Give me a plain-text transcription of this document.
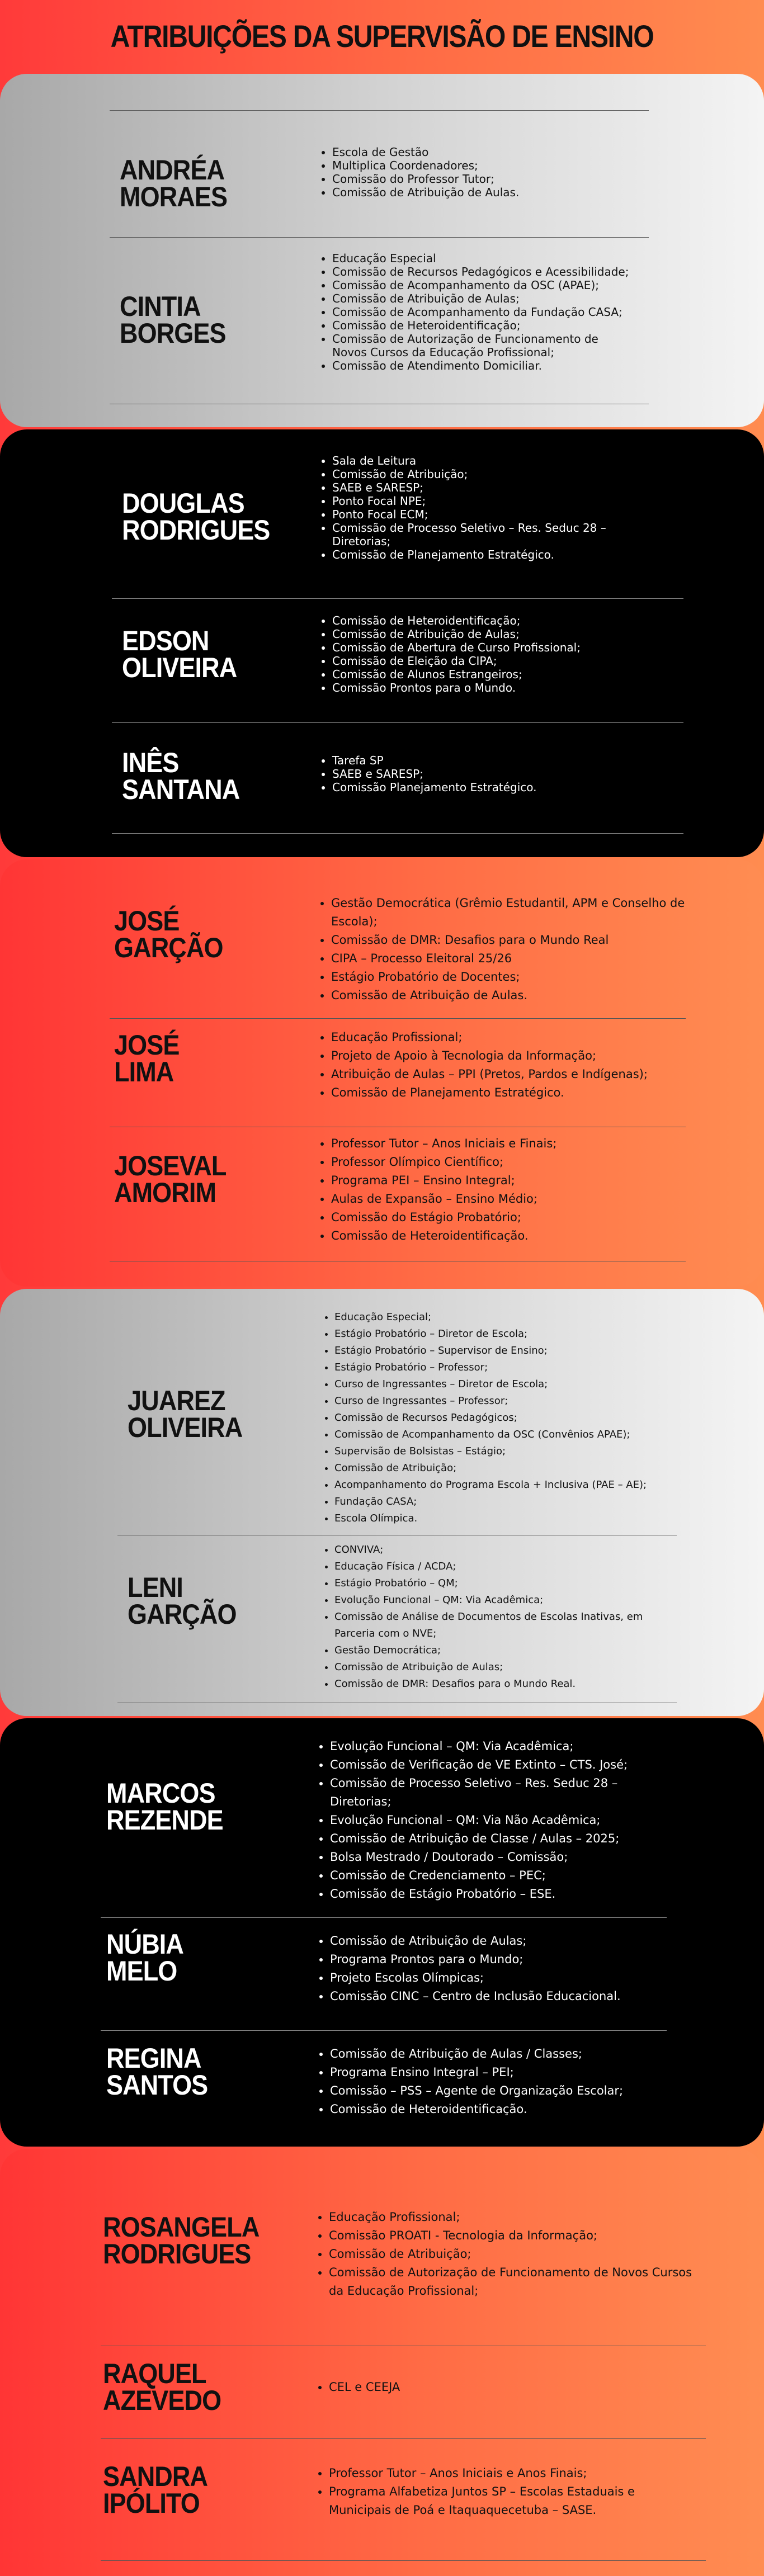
ATRIBUIÇÕES DA SUPERVISÃO DE ENSINO
ANDRÉA
MORAES
• Escola de Gestão
• Multiplica Coordenadores;
• Comissão do Professor Tutor;
• Comissão de Atribuição de Aulas.
CINTIA
BORGES
• Educação Especial
• Comissão de Recursos Pedagógicos e Acessibilidade;
• Comissão de Acompanhamento da OSC (APAE);
• Comissão de Atribuição de Aulas;
• Comissão de Acompanhamento da Fundação CASA;
• Comissão de Heteroidentificação;
• Comissão de Autorização de Funcionamento de Novos Cursos da Educação Profissional;
• Comissão de Atendimento Domiciliar.
DOUGLAS
RODRIGUES
• Sala de Leitura
• Comissão de Atribuição;
• SAEB e SARESP;
• Ponto Focal NPE;
• Ponto Focal ECM;
• Comissão de Processo Seletivo – Res. Seduc 28 – Diretorias;
• Comissão de Planejamento Estratégico.
EDSON
OLIVEIRA
• Comissão de Heteroidentificação;
• Comissão de Atribuição de Aulas;
• Comissão de Abertura de Curso Profissional;
• Comissão de Eleição da CIPA;
• Comissão de Alunos Estrangeiros;
• Comissão Prontos para o Mundo.
INÊS
SANTANA
• Tarefa SP
• SAEB e SARESP;
• Comissão Planejamento Estratégico.
JOSÉ
GARÇÃO
• Gestão Democrática (Grêmio Estudantil, APM e Conselho de Escola);
• Comissão de DMR: Desafios para o Mundo Real
• CIPA – Processo Eleitoral 25/26
• Estágio Probatório de Docentes;
• Comissão de Atribuição de Aulas.
JOSÉ
LIMA
• Educação Profissional;
• Projeto de Apoio à Tecnologia da Informação;
• Atribuição de Aulas – PPI (Pretos, Pardos e Indígenas);
• Comissão de Planejamento Estratégico.
JOSEVAL
AMORIM
• Professor Tutor – Anos Iniciais e Finais;
• Professor Olímpico Científico;
• Programa PEI – Ensino Integral;
• Aulas de Expansão – Ensino Médio;
• Comissão do Estágio Probatório;
• Comissão de Heteroidentificação.
JUAREZ
OLIVEIRA
• Educação Especial;
• Estágio Probatório – Diretor de Escola;
• Estágio Probatório – Supervisor de Ensino;
• Estágio Probatório – Professor;
• Curso de Ingressantes – Diretor de Escola;
• Curso de Ingressantes – Professor;
• Comissão de Recursos Pedagógicos;
• Comissão de Acompanhamento da OSC (Convênios APAE);
• Supervisão de Bolsistas – Estágio;
• Comissão de Atribuição;
• Acompanhamento do Programa Escola + Inclusiva (PAE – AE);
• Fundação CASA;
• Escola Olímpica.
LENI
GARÇÃO
• CONVIVA;
• Educação Física / ACDA;
• Estágio Probatório – QM;
• Evolução Funcional – QM: Via Acadêmica;
• Comissão de Análise de Documentos de Escolas Inativas, em Parceria com o NVE;
• Gestão Democrática;
• Comissão de Atribuição de Aulas;
• Comissão de DMR: Desafios para o Mundo Real.
MARCOS
REZENDE
• Evolução Funcional – QM: Via Acadêmica;
• Comissão de Verificação de VE Extinto – CTS. José;
• Comissão de Processo Seletivo – Res. Seduc 28 – Diretorias;
• Evolução Funcional – QM: Via Não Acadêmica;
• Comissão de Atribuição de Classe / Aulas – 2025;
• Bolsa Mestrado / Doutorado – Comissão;
• Comissão de Credenciamento – PEC;
• Comissão de Estágio Probatório – ESE.
NÚBIA
MELO
• Comissão de Atribuição de Aulas;
• Programa Prontos para o Mundo;
• Projeto Escolas Olímpicas;
• Comissão CINC – Centro de Inclusão Educacional.
REGINA
SANTOS
• Comissão de Atribuição de Aulas / Classes;
• Programa Ensino Integral – PEI;
• Comissão – PSS – Agente de Organização Escolar;
• Comissão de Heteroidentificação.
ROSANGELA
RODRIGUES
• Educação Profissional;
• Comissão PROATI - Tecnologia da Informação;
• Comissão de Atribuição;
• Comissão de Autorização de Funcionamento de Novos Cursos da Educação Profissional;
RAQUEL
AZEVEDO
•	CEL e CEEJA
SANDRA
IPÓLITO
• Professor Tutor – Anos Iniciais e Anos Finais;
• Programa Alfabetiza Juntos SP – Escolas Estaduais e Municipais de Poá e Itaquaquecetuba – SASE.
